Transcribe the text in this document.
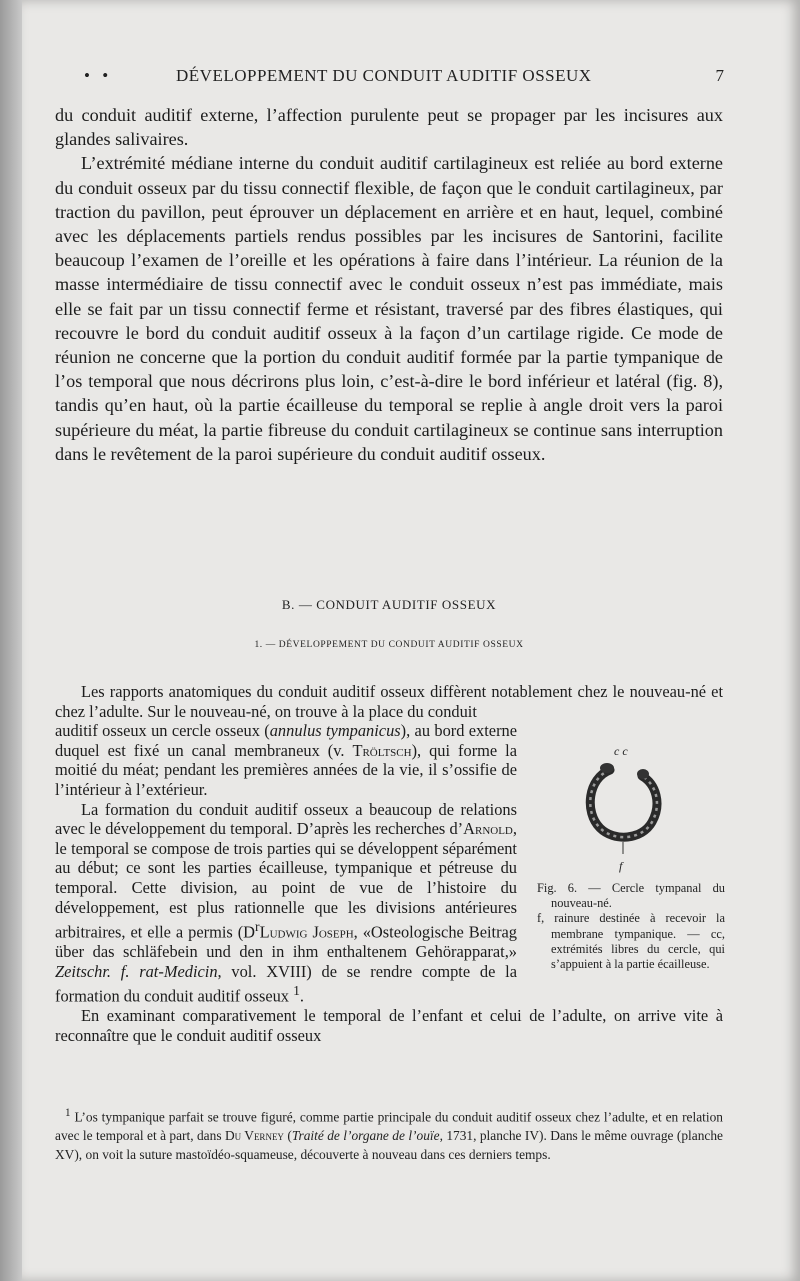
• •	DÉVELOPPEMENT DU CONDUIT AUDITIF OSSEUX	7

du conduit auditif externe, l’affection purulente peut se propager par les incisures aux glandes salivaires.

L’extrémité médiane interne du conduit auditif cartilagineux est reliée au bord externe du conduit osseux par du tissu connectif flexible, de façon que le conduit cartilagineux, par traction du pavillon, peut éprouver un déplacement en arrière et en haut, lequel, combiné avec les déplacements partiels rendus possibles par les incisures de Santorini, facilite beaucoup l’examen de l’oreille et les opérations à faire dans l’intérieur. La réunion de la masse intermédiaire de tissu connectif avec le conduit osseux n’est pas immédiate, mais elle se fait par un tissu connectif ferme et résistant, traversé par des fibres élastiques, qui recouvre le bord du conduit auditif osseux à la façon d’un cartilage rigide. Ce mode de réunion ne concerne que la portion du conduit auditif formée par la partie tympanique de l’os temporal que nous décrirons plus loin, c’est-à-dire le bord inférieur et latéral (fig. 8), tandis qu’en haut, où la partie écailleuse du temporal se replie à angle droit vers la paroi supérieure du méat, la partie fibreuse du conduit cartilagineux se continue sans interruption dans le revêtement de la paroi supérieure du conduit auditif osseux.

B. — CONDUIT AUDITIF OSSEUX
1. — DÉVELOPPEMENT DU CONDUIT AUDITIF OSSEUX

Les rapports anatomiques du conduit auditif osseux diffèrent notablement chez le nouveau-né et chez l’adulte. Sur le nouveau-né, on trouve à la place du conduit

auditif osseux un cercle osseux (annulus tympanicus), au bord externe duquel est fixé un canal membraneux (v. Tröltsch), qui forme la moitié du méat; pendant les premières années de la vie, il s’ossifie de l’intérieur à l’extérieur.

La formation du conduit auditif osseux a beaucoup de relations avec le développement du temporal. D’après les recherches d’Arnold, le temporal se compose de trois parties qui se développent séparément au début; ce sont les parties écailleuse, tympanique et pétreuse du temporal. Cette division, au point de vue de l’histoire du développement, est plus rationnelle que les divisions antérieures arbitraires, et elle a permis ($D^rLudwig$ Joseph, «Osteologische Beitrag über das schläfebein und den in ihm enthaltenem Gehörapparat,» Zeitschr. f. rat-Medicin, vol. XVIII) de se rendre compte de la formation du conduit auditif osseux $^1$.

En examinant comparativement le temporal de l’enfant et celui de l’adulte, on arrive vite à reconnaître que le conduit auditif osseux

c c
f

Fig. 6. — Cercle tympanal du nouveau-né.

f, rainure destinée à recevoir la membrane tympanique. — cc, extrémités libres du cercle, qui s’appuient à la partie écailleuse.

$^1$ L’os tympanique parfait se trouve figuré, comme partie principale du conduit auditif osseux chez l’adulte, et en relation avec le temporal et à part, dans Du Verney (Traité de l’organe de l’ouïe, 1731, planche IV). Dans le même ouvrage (planche XV), on voit la suture mastoïdéo-squameuse, découverte à nouveau dans ces derniers temps.
